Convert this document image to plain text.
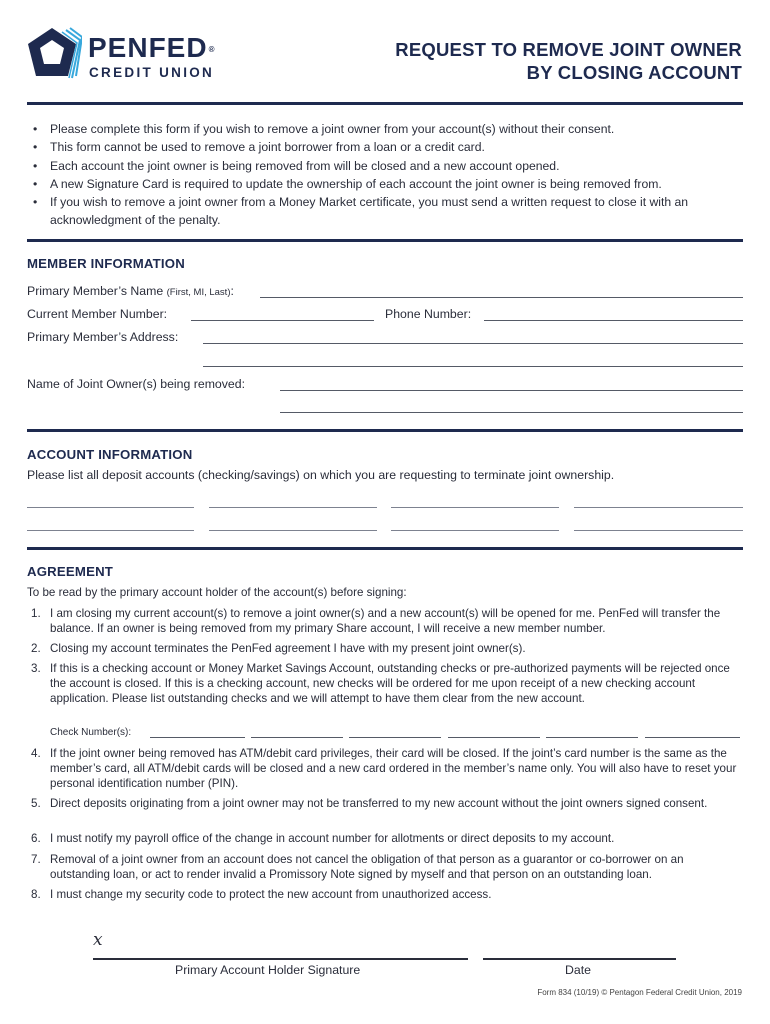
PENFED®
CREDIT UNION
REQUEST TO REMOVE JOINT OWNER
BY CLOSING ACCOUNT
• Please complete this form if you wish to remove a joint owner from your account(s) without their consent.
• This form cannot be used to remove a joint borrower from a loan or a credit card.
• Each account the joint owner is being removed from will be closed and a new account opened.
• A new Signature Card is required to update the ownership of each account the joint owner is being removed from.
• If you wish to remove a joint owner from a Money Market certificate, you must send a written request to close it with an acknowledgment of the penalty.
MEMBER INFORMATION
Primary Member’s Name (First, MI, Last):
Current Member Number:	Phone Number:
Primary Member’s Address:
Name of Joint Owner(s) being removed:
ACCOUNT INFORMATION
Please list all deposit accounts (checking/savings) on which you are requesting to terminate joint ownership.
AGREEMENT
To be read by the primary account holder of the account(s) before signing:
1. I am closing my current account(s) to remove a joint owner(s) and a new account(s) will be opened for me. PenFed will transfer the balance. If an owner is being removed from my primary Share account, I will receive a new member number.
2. Closing my account terminates the PenFed agreement I have with my present joint owner(s).
3. If this is a checking account or Money Market Savings Account, outstanding checks or pre-authorized payments will be rejected once the account is closed. If this is a checking account, new checks will be ordered for me upon receipt of a new checking account application. Please list outstanding checks and we will attempt to have them clear from the new account.
Check Number(s):
4. If the joint owner being removed has ATM/debit card privileges, their card will be closed. If the joint’s card number is the same as the member’s card, all ATM/debit cards will be closed and a new card ordered in the member’s name only. You will also have to reset your personal identification number (PIN).
5. Direct deposits originating from a joint owner may not be transferred to my new account without the joint owners signed consent.
6. I must notify my payroll office of the change in account number for allotments or direct deposits to my account.
7. Removal of a joint owner from an account does not cancel the obligation of that person as a guarantor or co-borrower on an outstanding loan, or act to render invalid a Promissory Note signed by myself and that person on an outstanding loan.
8. I must change my security code to protect the new account from unauthorized access.
x
Primary Account Holder Signature	Date
Form 834 (10/19) © Pentagon Federal Credit Union, 2019
